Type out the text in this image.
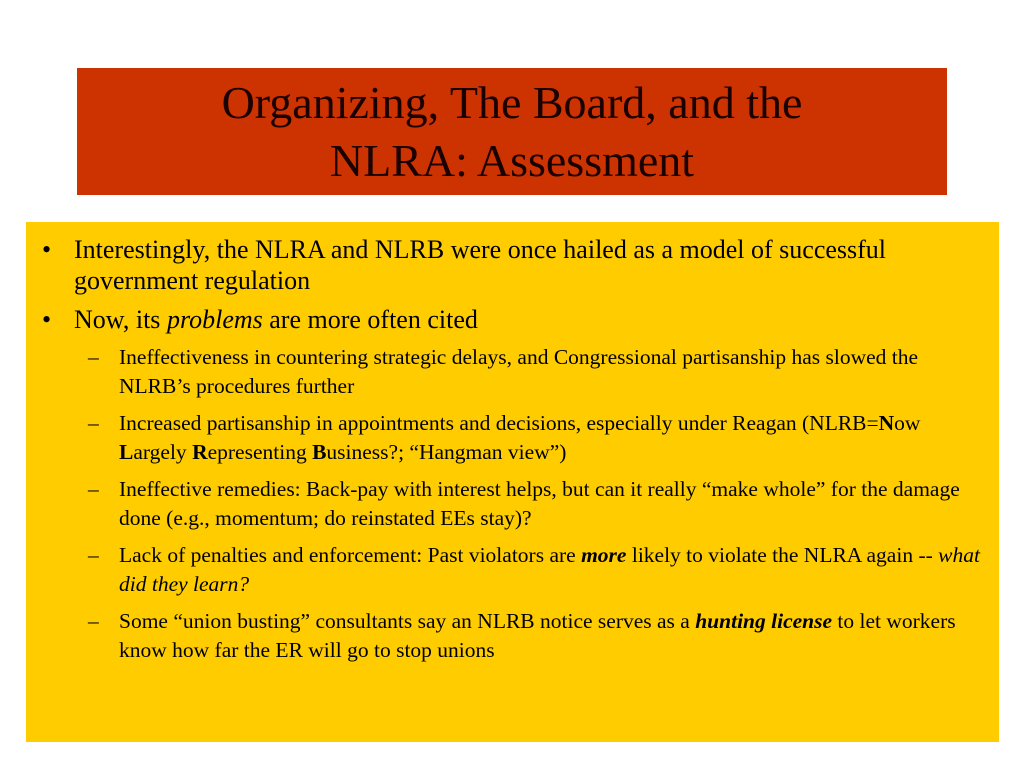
Organizing, The Board, and the
NLRA: Assessment
• Interestingly, the NLRA and NLRB were once hailed as a model of successful government regulation
• Now, its problems are more often cited
– Ineffectiveness in countering strategic delays, and Congressional partisanship has slowed the NLRB’s procedures further
– Increased partisanship in appointments and decisions, especially under Reagan (NLRB=Now Largely Representing Business?; “Hangman view”)
– Ineffective remedies: Back-pay with interest helps, but can it really “make whole” for the damage done (e.g., momentum; do reinstated EEs stay)?
– Lack of penalties and enforcement: Past violators are more likely to violate the NLRA again -- what did they learn?
– Some “union busting” consultants say an NLRB notice serves as a hunting license to let workers know how far the ER will go to stop unions
